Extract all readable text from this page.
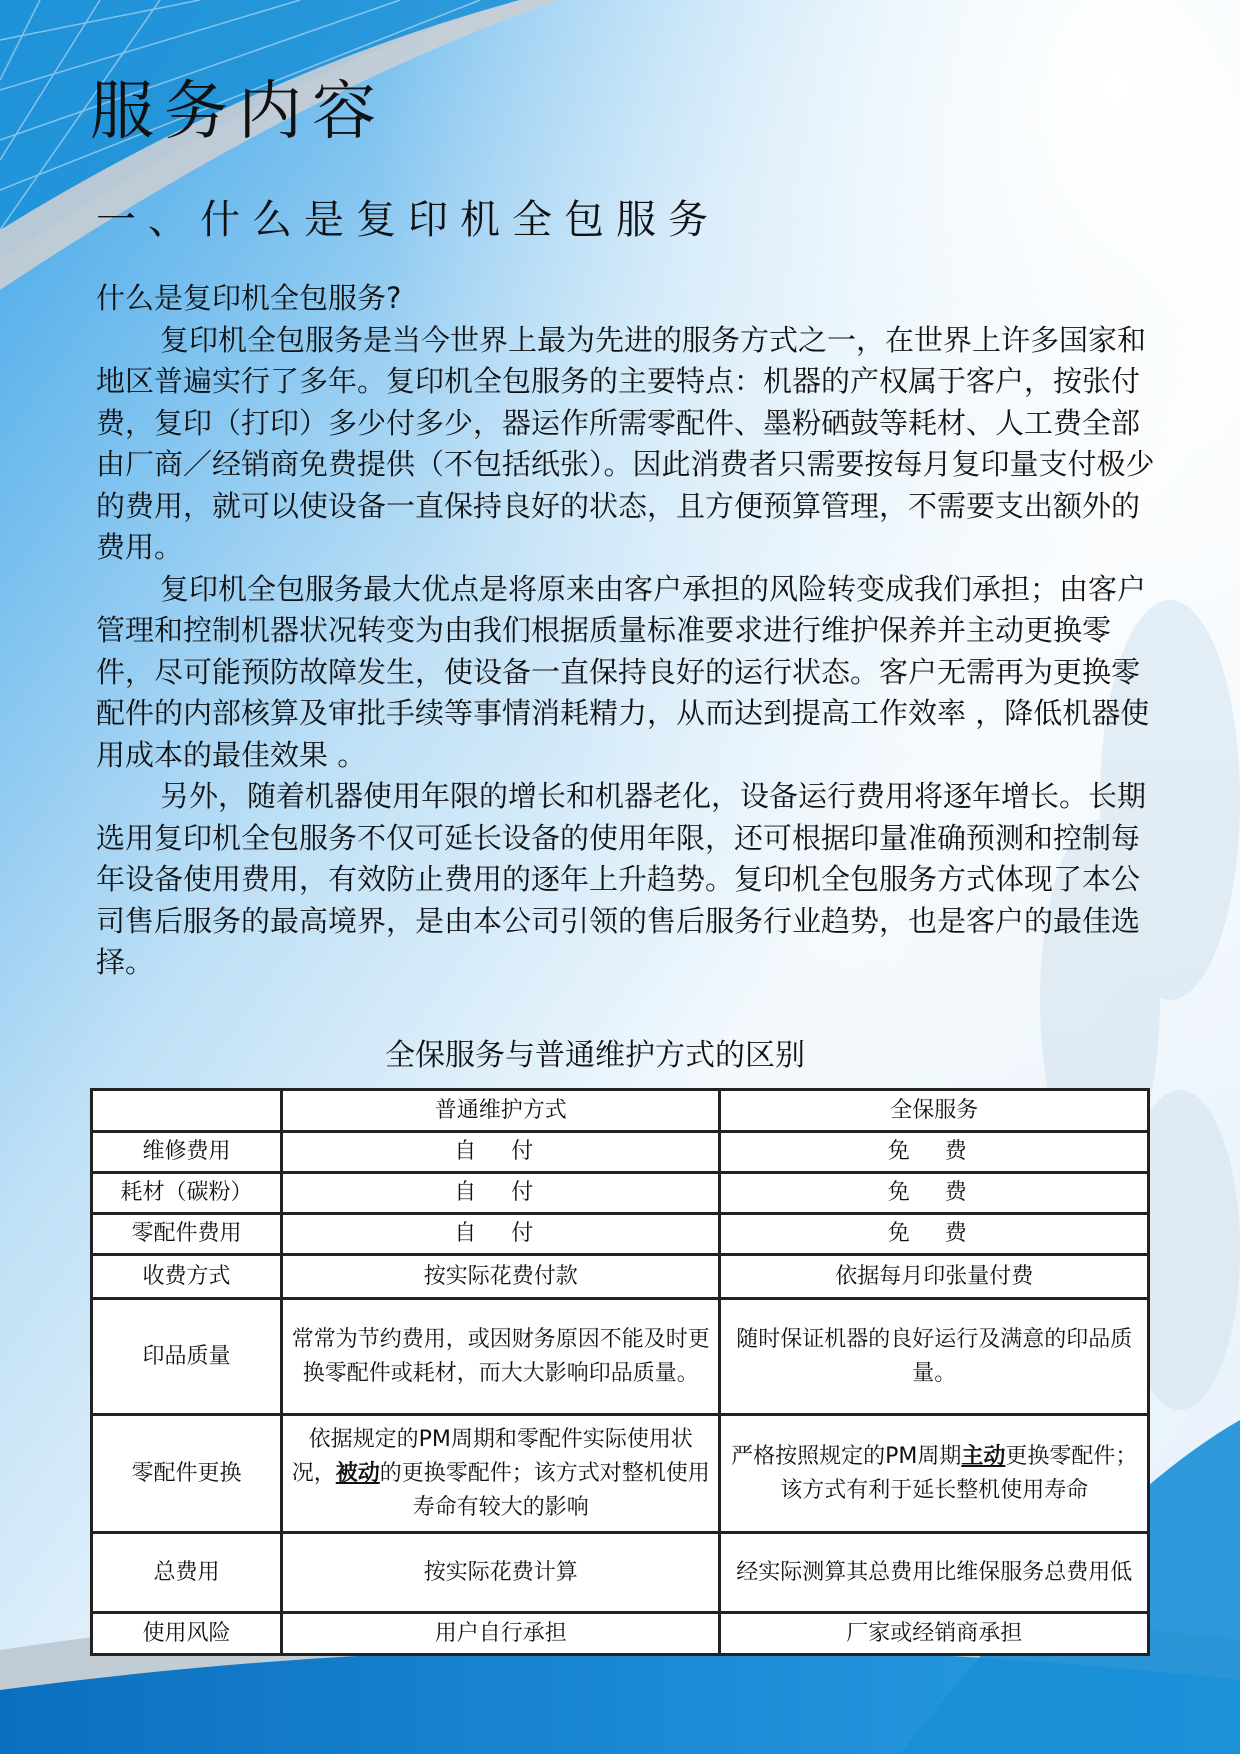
服务内容
一、什么是复印机全包服务

什么是复印机全包服务?

复印机全包服务是当今世界上最为先进的服务方式之一，在世界上许多国家和地区普遍实行了多年。复印机全包服务的主要特点：机器的产权属于客户，按张付费，复印（打印）多少付多少，器运作所需零配件、墨粉硒鼓等耗材、人工费全部由厂商／经销商免费提供（不包括纸张）。因此消费者只需要按每月复印量支付极少的费用，就可以使设备一直保持良好的状态，且方便预算管理，不需要支出额外的费用。

复印机全包服务最大优点是将原来由客户承担的风险转变成我们承担；由客户管理和控制机器状况转变为由我们根据质量标准要求进行维护保养并主动更换零件，尽可能预防故障发生，使设备一直保持良好的运行状态。客户无需再为更换零配件的内部核算及审批手续等事情消耗精力，从而达到提高工作效率 ，降低机器使用成本的最佳效果 。

另外，随着机器使用年限的增长和机器老化，设备运行费用将逐年增长。长期选用复印机全包服务不仅可延长设备的使用年限，还可根据印量准确预测和控制每年设备使用费用，有效防止费用的逐年上升趋势。复印机全包服务方式体现了本公司售后服务的最高境界，是由本公司引领的售后服务行业趋势，也是客户的最佳选择。

全保服务与普通维护方式的区别
	普通维护方式	全保服务
维修费用	自 付	免 费
耗材（碳粉）	自 付	免 费
零配件费用	自 付	免 费
收费方式	按实际花费付款	依据每月印张量付费
印品质量	常常为节约费用，或因财务原因不能及时更换零配件或耗材，而大大影响印品质量。	随时保证机器的良好运行及满意的印品质量。
零配件更换	依据规定的PM周期和零配件实际使用状况，被动的更换零配件；该方式对整机使用寿命有较大的影响	严格按照规定的PM周期主动更换零配件；该方式有利于延长整机使用寿命
总费用	按实际花费计算	经实际测算其总费用比维保服务总费用低
使用风险	用户自行承担	厂家或经销商承担
